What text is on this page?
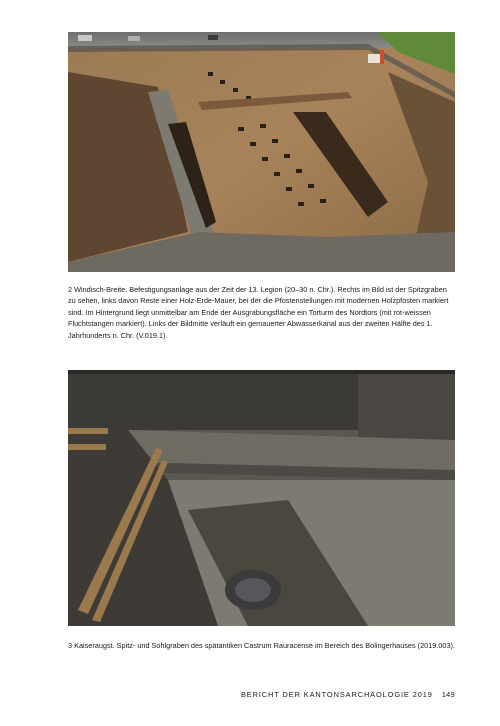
2 Windisch-Breite. Befestigungsanlage aus der Zeit der 13. Legion (20–30 n. Chr.). Rechts im Bild ist der Spitzgraben zu sehen, links davon Reste einer Holz-Erde-Mauer, bei der die Pfostenstellungen mit modernen Holzpfosten markiert sind. Im Hintergrund liegt unmittelbar am Ende der Ausgrabungsfläche ein Torturm des Nordtors (mit rot-weissen Fluchtstangen markiert). Links der Bildmitte verläuft ein gemauerter Abwasserkanal aus der zweiten Hälfte des 1. Jahrhunderts n. Chr. (V.019.1).

3 Kaiseraugst. Spitz- und Sohlgraben des spätantiken Castrum Rauracense im Bereich des Bolingerhauses (2019.003).

BERICHT DER KANTONSARCHÄOLOGIE 2019 149
